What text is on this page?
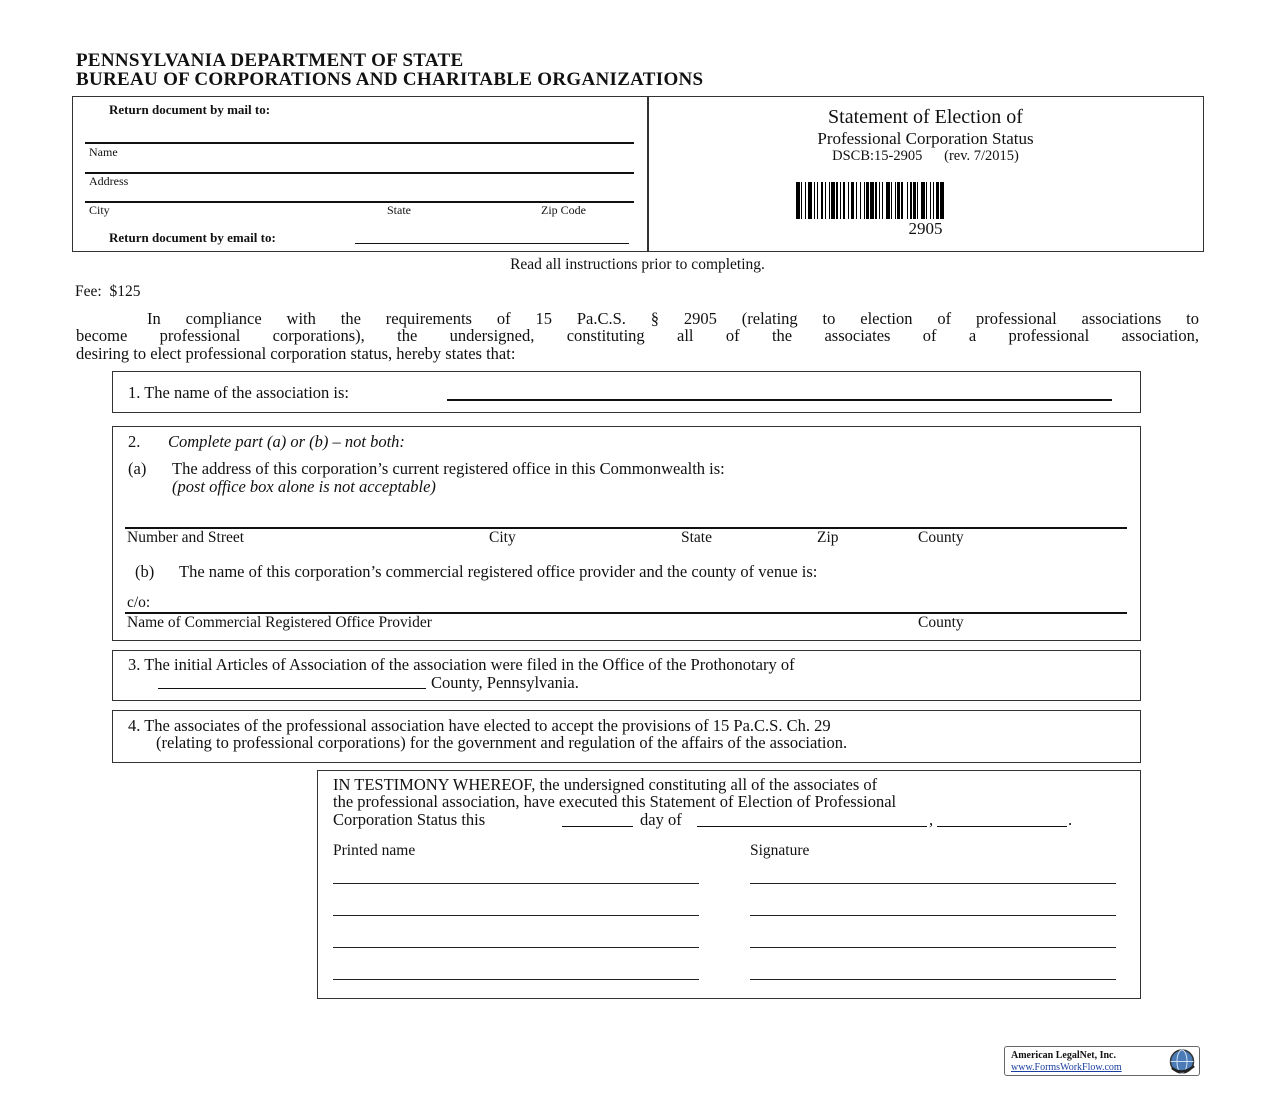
PENNSYLVANIA DEPARTMENT OF STATE
BUREAU OF CORPORATIONS AND CHARITABLE ORGANIZATIONS
Return document by mail to:
Name
Address
City	State	Zip Code
Return document by email to:
Statement of Election of
Professional Corporation Status
DSCB:15-2905 (rev. 7/2015)
2905
Read all instructions prior to completing.
Fee: $125
In compliance with the requirements of 15 Pa.C.S. § 2905 (relating to election of professional associations to
become professional corporations), the undersigned, constituting all of the associates of a professional association,
desiring to elect professional corporation status, hereby states that:
1. The name of the association is:
2. Complete part (a) or (b) – not both:
(a) The address of this corporation’s current registered office in this Commonwealth is:
(post office box alone is not acceptable)
Number and Street	City	State	Zip	County
(b) The name of this corporation’s commercial registered office provider and the county of venue is:
c/o:
Name of Commercial Registered Office Provider	County
3. The initial Articles of Association of the association were filed in the Office of the Prothonotary of
County, Pennsylvania.
4. The associates of the professional association have elected to accept the provisions of 15 Pa.C.S. Ch. 29
(relating to professional corporations) for the government and regulation of the affairs of the association.
IN TESTIMONY WHEREOF, the undersigned constituting all of the associates of
the professional association, have executed this Statement of Election of Professional
Corporation Status this	day of	,	.
Printed name	Signature
American LegalNet, Inc.
www.FormsWorkFlow.com
